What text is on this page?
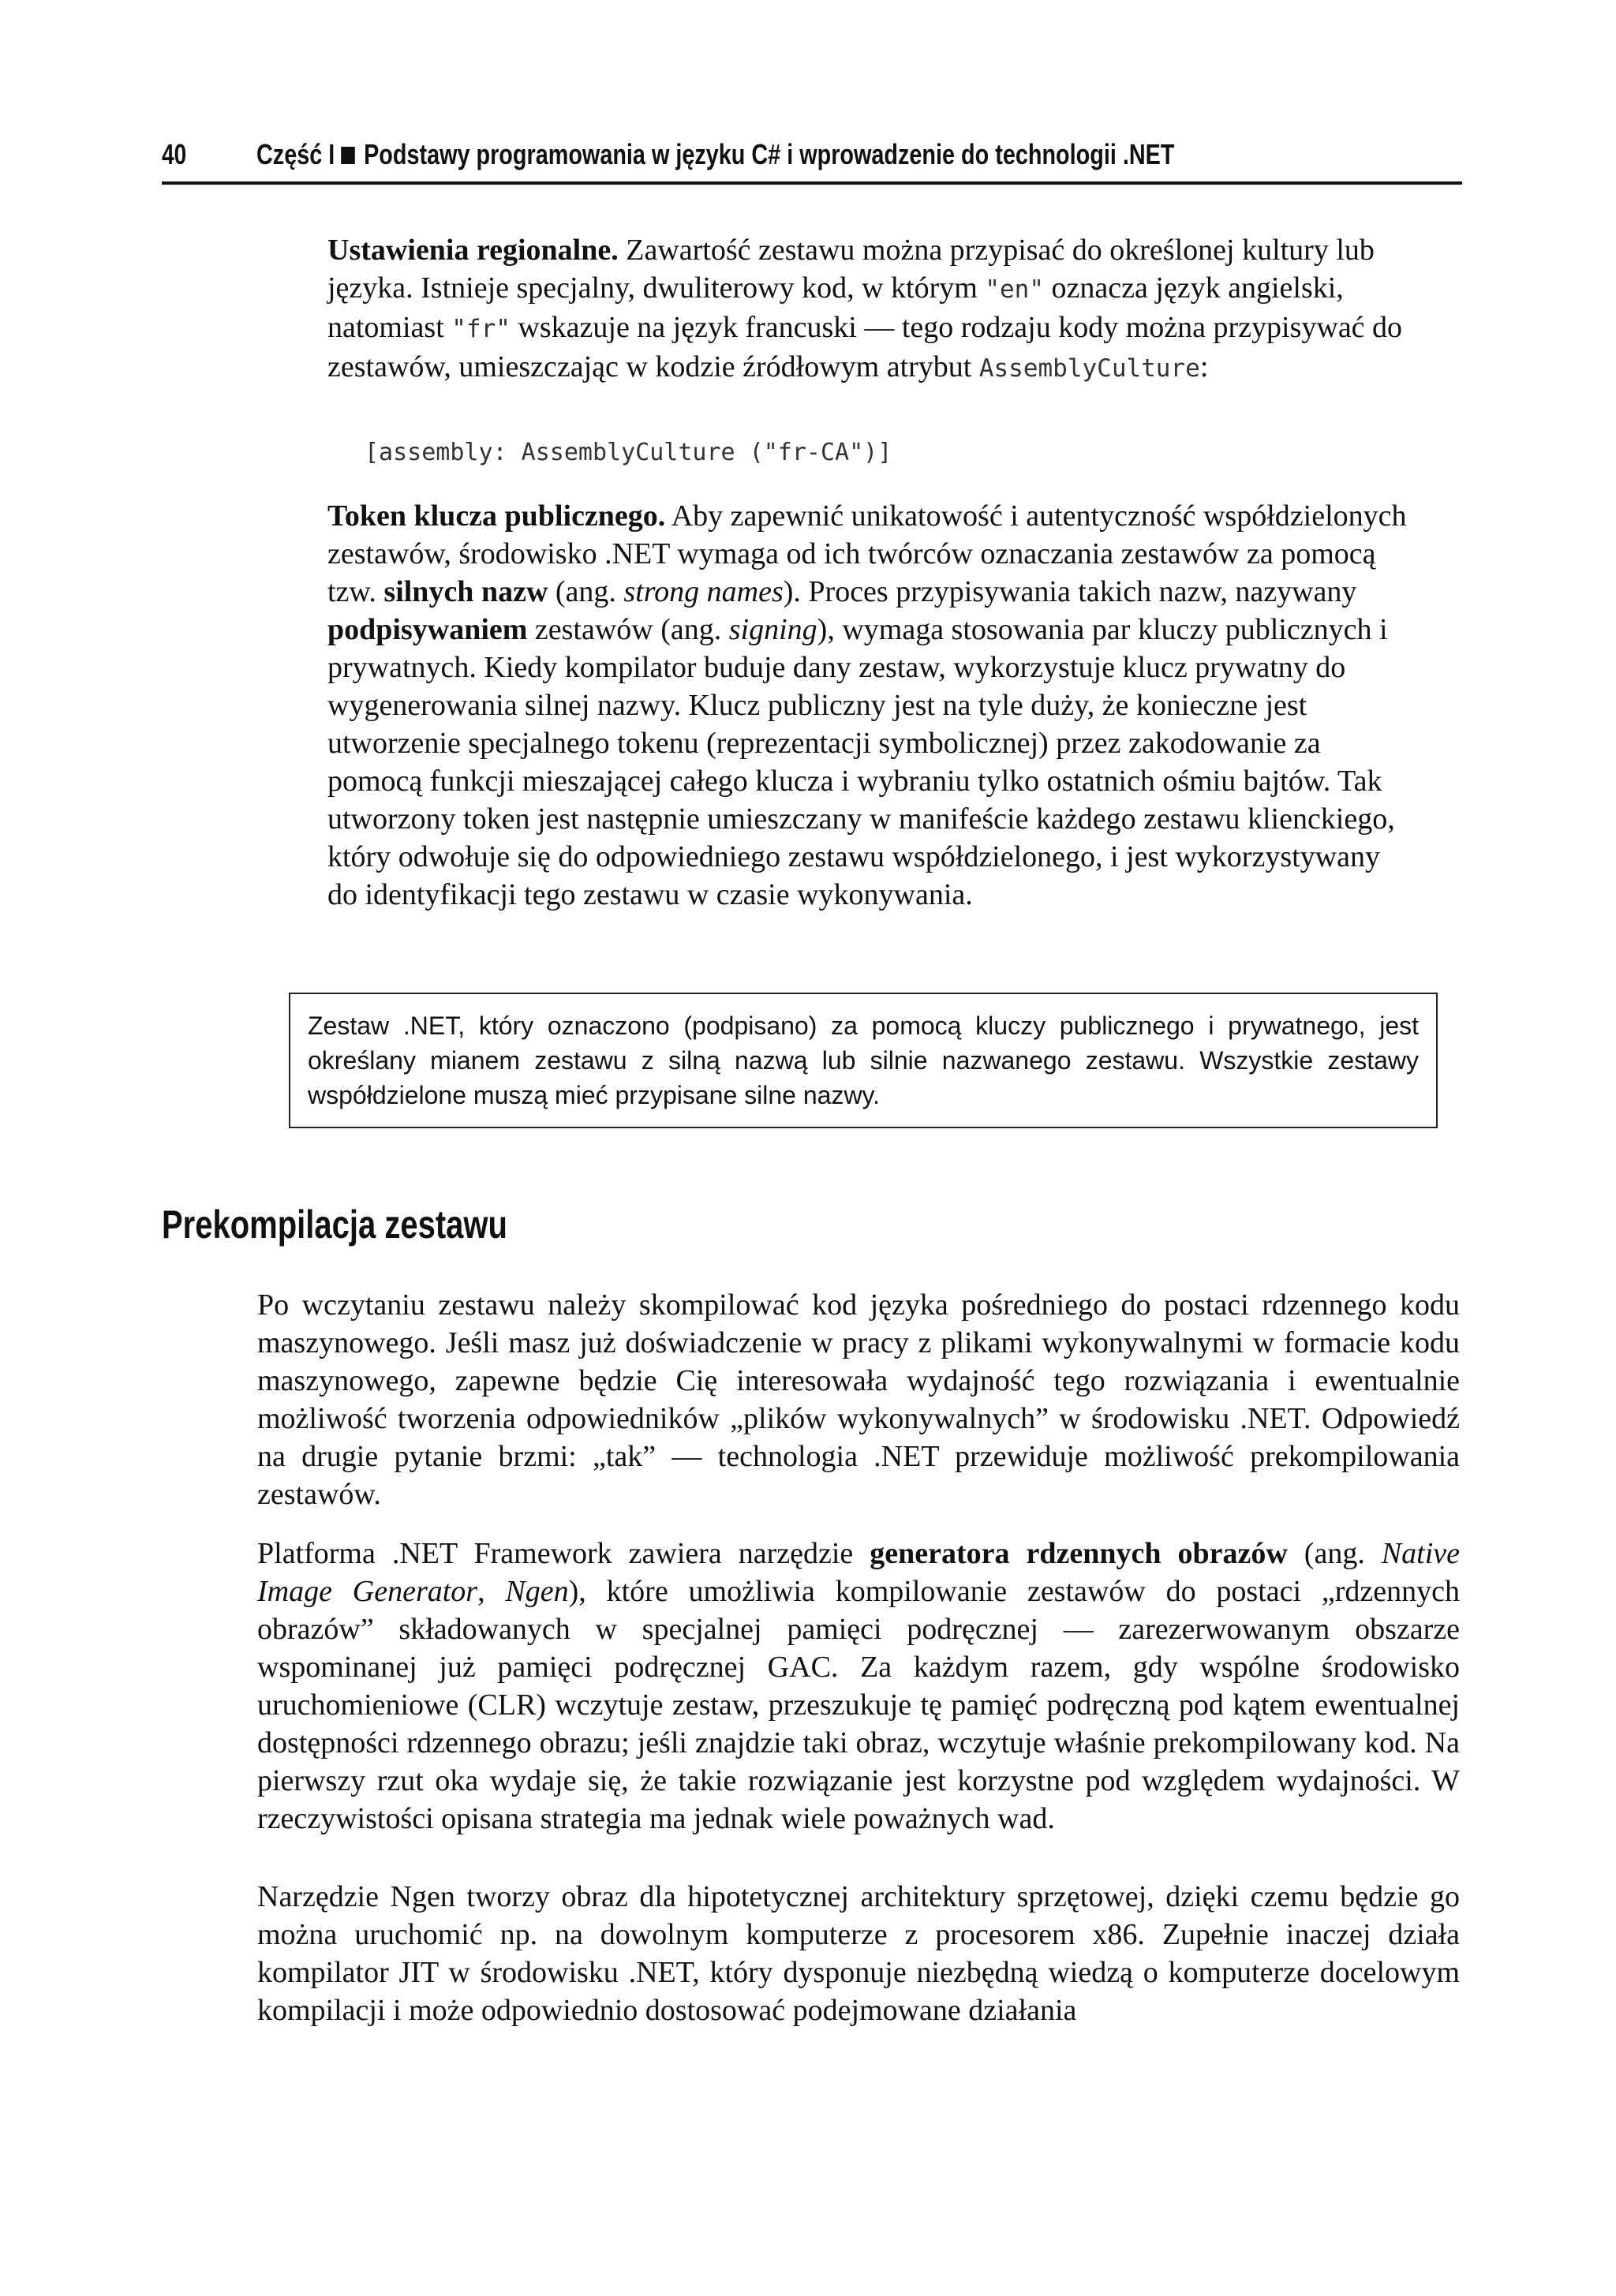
40 Część I Podstawy programowania w języku C# i wprowadzenie do technologii .NET

Ustawienia regionalne. Zawartość zestawu można przypisać do określonej kultury lub języka. Istnieje specjalny, dwuliterowy kod, w którym "en" oznacza język angielski, natomiast "fr" wskazuje na język francuski — tego rodzaju kody można przypisywać do zestawów, umieszczając w kodzie źródłowym atrybut AssemblyCulture:

[assembly: AssemblyCulture ("fr-CA")]

Token klucza publicznego. Aby zapewnić unikatowość i autentyczność współdzielonych zestawów, środowisko .NET wymaga od ich twórców oznaczania zestawów za pomocą tzw. silnych nazw (ang. strong names). Proces przypisywania takich nazw, nazywany podpisywaniem zestawów (ang. signing), wymaga stosowania par kluczy publicznych i prywatnych. Kiedy kompilator buduje dany zestaw, wykorzystuje klucz prywatny do wygenerowania silnej nazwy. Klucz publiczny jest na tyle duży, że konieczne jest utworzenie specjalnego tokenu (reprezentacji symbolicznej) przez zakodowanie za pomocą funkcji mieszającej całego klucza i wybraniu tylko ostatnich ośmiu bajtów. Tak utworzony token jest następnie umieszczany w manifeście każdego zestawu klienckiego, który odwołuje się do odpowiedniego zestawu współdzielonego, i jest wykorzystywany do identyfikacji tego zestawu w czasie wykonywania.

Zestaw .NET, który oznaczono (podpisano) za pomocą kluczy publicznego i prywatnego, jest określany mianem zestawu z silną nazwą lub silnie nazwanego zestawu. Wszystkie zestawy współdzielone muszą mieć przypisane silne nazwy.
Prekompilacja zestawu

Po wczytaniu zestawu należy skompilować kod języka pośredniego do postaci rdzennego kodu maszynowego. Jeśli masz już doświadczenie w pracy z plikami wykonywalnymi w formacie kodu maszynowego, zapewne będzie Cię interesowała wydajność tego rozwiązania i ewentualnie możliwość tworzenia odpowiedników „plików wykonywalnych” w środowisku .NET. Odpowiedź na drugie pytanie brzmi: „tak” — technologia .NET przewiduje możliwość prekompilowania zestawów.

Platforma .NET Framework zawiera narzędzie generatora rdzennych obrazów (ang. Native Image Generator, Ngen), które umożliwia kompilowanie zestawów do postaci „rdzennych obrazów” składowanych w specjalnej pamięci podręcznej — zarezerwowanym obszarze wspominanej już pamięci podręcznej GAC. Za każdym razem, gdy wspólne środowisko uruchomieniowe (CLR) wczytuje zestaw, przeszukuje tę pamięć podręczną pod kątem ewentualnej dostępności rdzennego obrazu; jeśli znajdzie taki obraz, wczytuje właśnie prekompilowany kod. Na pierwszy rzut oka wydaje się, że takie rozwiązanie jest korzystne pod względem wydajności. W rzeczywistości opisana strategia ma jednak wiele poważnych wad.

Narzędzie Ngen tworzy obraz dla hipotetycznej architektury sprzętowej, dzięki czemu będzie go można uruchomić np. na dowolnym komputerze z procesorem x86. Zupełnie inaczej działa kompilator JIT w środowisku .NET, który dysponuje niezbędną wiedzą o komputerze docelowym kompilacji i może odpowiednio dostosować podejmowane działania
